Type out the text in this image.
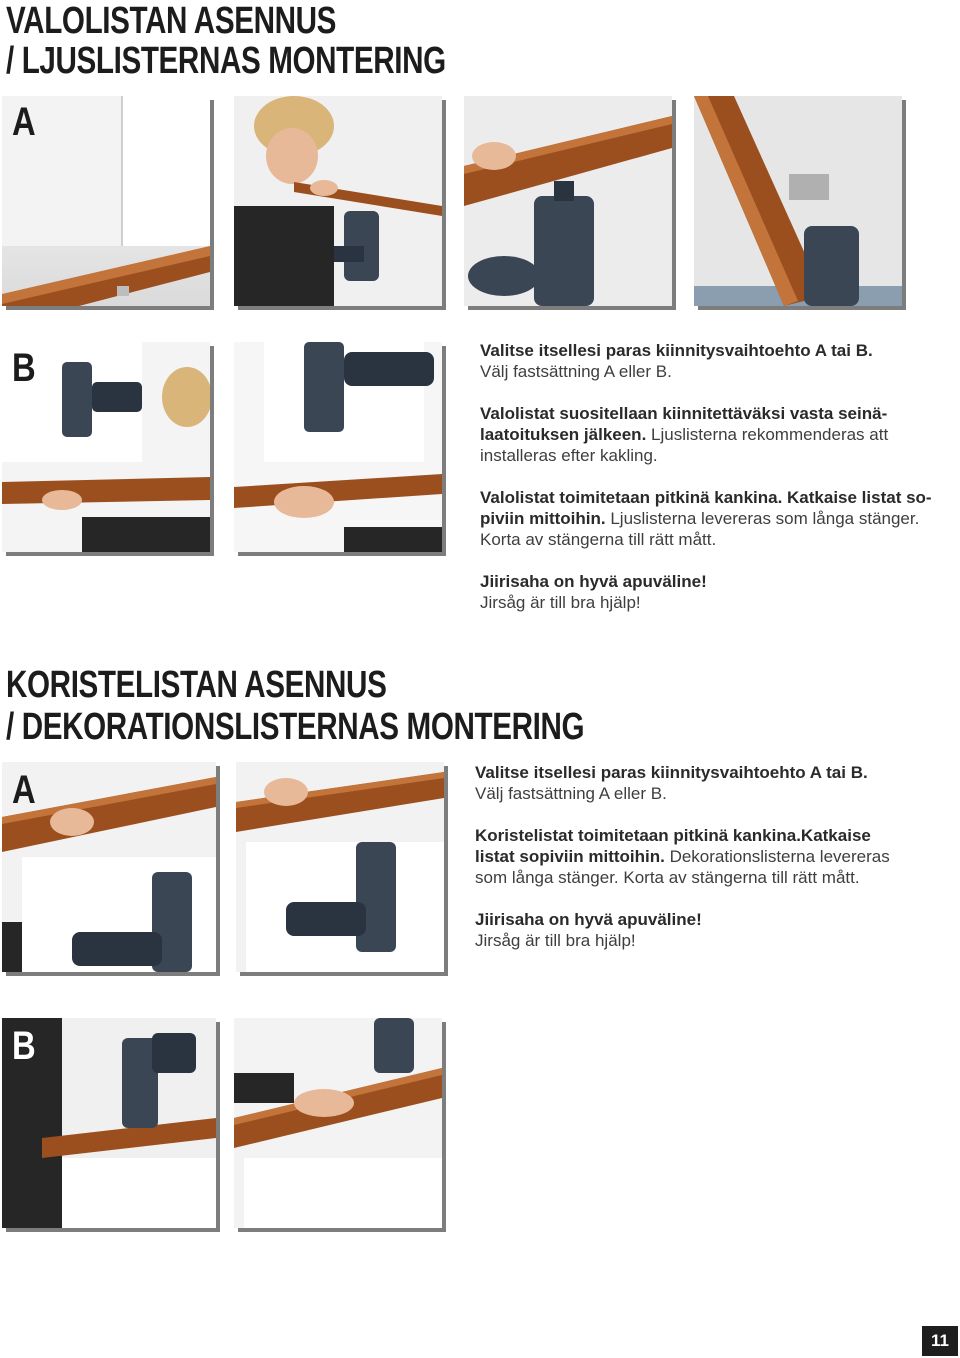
VALOLISTAN ASENNUS
/ LJUSLISTERNAS MONTERING
A
B	Valitse itsellesi paras kiinnitysvaihtoehto A tai B.
Välj fastsättning A eller B.

Valolistat suositellaan kiinnitettäväksi vasta seinä-
laatoituksen jälkeen. Ljuslisterna rekommenderas att
installeras efter kakling.

Valolistat toimitetaan pitkinä kankina. Katkaise listat so-
piviin mittoihin. Ljuslisterna levereras som långa stänger.
Korta av stängerna till rätt mått.

Jiirisaha on hyvä apuväline!
Jirsåg är till bra hjälp!

KORISTELISTAN ASENNUS
/ DEKORATIONSLISTERNAS MONTERING
A	Valitse itsellesi paras kiinnitysvaihtoehto A tai B.
Välj fastsättning A eller B.

Koristelistat toimitetaan pitkinä kankina.Katkaise
listat sopiviin mittoihin. Dekorationslisterna levereras
som långa stänger. Korta av stängerna till rätt mått.

Jiirisaha on hyvä apuväline!
Jirsåg är till bra hjälp!

B
11
